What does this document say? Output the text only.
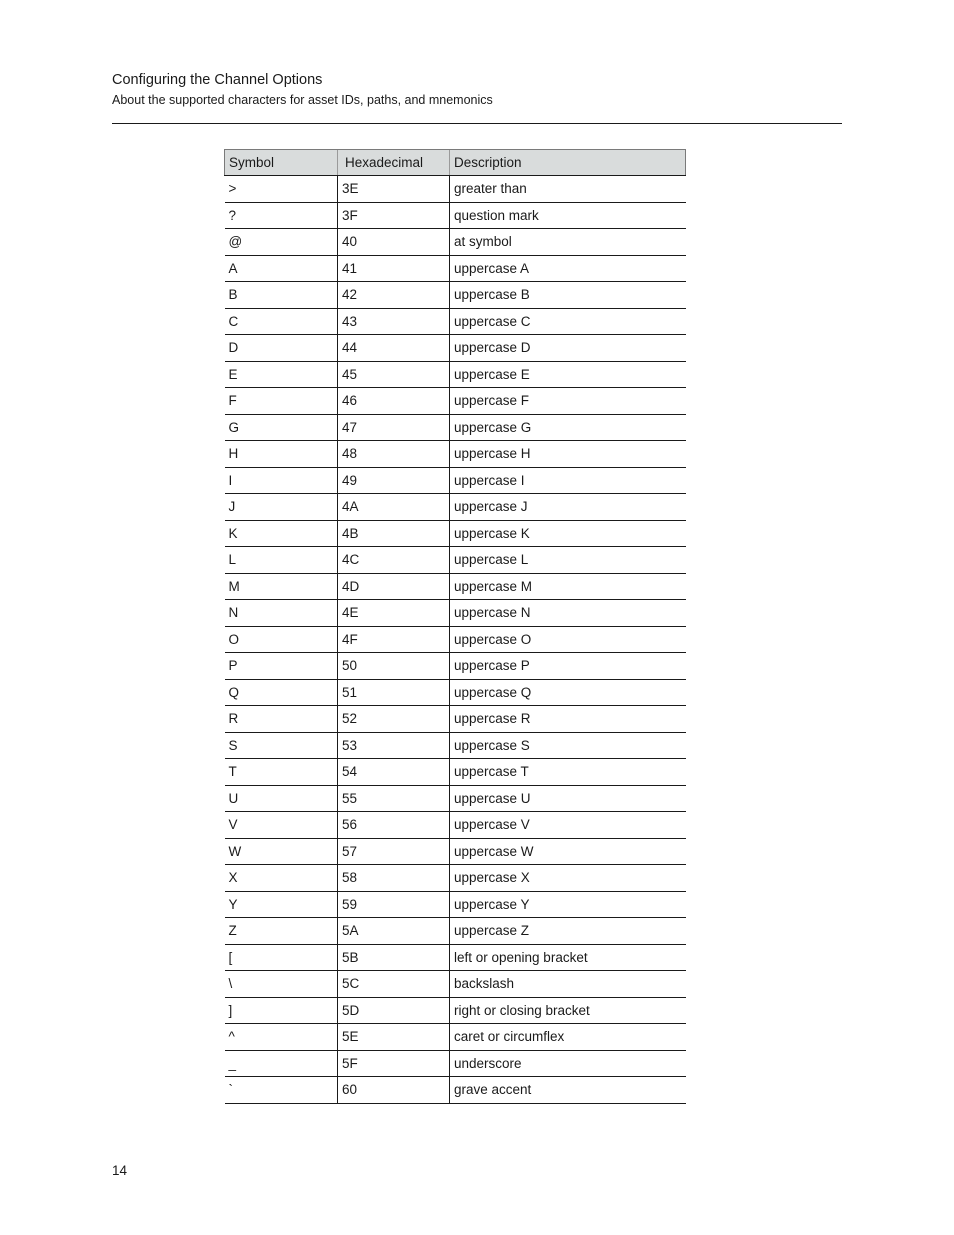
Configuring the Channel Options
About the supported characters for asset IDs, paths, and mnemonics
Symbol	Hexadecimal	Description
>	3E	greater than
?	3F	question mark
@	40	at symbol
A	41	uppercase A
B	42	uppercase B
C	43	uppercase C
D	44	uppercase D
E	45	uppercase E
F	46	uppercase F
G	47	uppercase G
H	48	uppercase H
I	49	uppercase I
J	4A	uppercase J
K	4B	uppercase K
L	4C	uppercase L
M	4D	uppercase M
N	4E	uppercase N
O	4F	uppercase O
P	50	uppercase P
Q	51	uppercase Q
R	52	uppercase R
S	53	uppercase S
T	54	uppercase T
U	55	uppercase U
V	56	uppercase V
W	57	uppercase W
X	58	uppercase X
Y	59	uppercase Y
Z	5A	uppercase Z
[	5B	left or opening bracket
\	5C	backslash
]	5D	right or closing bracket
^	5E	caret or circumflex
_	5F	underscore
`	60	grave accent
14
